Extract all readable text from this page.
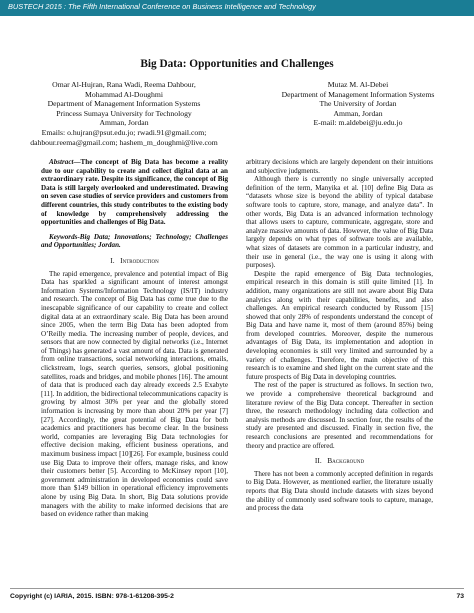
BUSTECH 2015 : The Fifth International Conference on Business Intelligence and Technology
Big Data: Opportunities and Challenges
Omar Al-Hujran, Rana Wadi, Reema Dahbour,
Mohammad Al-Doughmi
Department of Management Information Systems
Princess Sumaya University for Technology
Amman, Jordan
Emails: o.hujran@psut.edu.jo; rwadi.91@gmail.com;
dahbour.reema@gmail.com; hashem_m_doughmi@live.com
Mutaz M. Al-Debei
Department of Management Information Systems
The University of Jordan
Amman, Jordan
E-mail: m.aldebei@ju.edu.jo

Abstract—The concept of Big Data has become a reality due to our capability to create and collect digital data at an extraordinary rate. Despite its significance, the concept of Big Data is still largely overlooked and underestimated. Drawing on seven case studies of service providers and customers from different countries, this study contributes to the existing body of knowledge by comprehensively addressing the opportunities and challenges of Big Data.

Keywords-Big Data; Innovations; Technology; Challenges and Opportunities; Jordan.

I. Introduction

The rapid emergence, prevalence and potential impact of Big Data has sparkled a significant amount of interest amongst Information Systems/Information Technology (IS/IT) industry and research. The concept of Big Data has come true due to the inescapable significance of our capability to create and collect digital data at an extraordinary scale. Big Data has been around since 2005, when the term Big Data has been adopted from O’Reilly media. The increasing number of people, devices, and sensors that are now connected by digital networks (i.e., Internet of Things) has generated a vast amount of data. Data is generated from online transactions, social networking interactions, emails, clickstream, logs, search queries, sensors, global positioning satellites, roads and bridges, and mobile phones [16]. The amount of data that is produced each day already exceeds 2.5 Exabyte [11]. In addition, the bidirectional telecommunications capacity is growing by almost 30% per year and the globally stored information is increasing by more than about 20% per year [7][27]. Accordingly, the great potential of Big Data for both academics and practitioners has become clear. In the business world, companies are leveraging Big Data technologies for effective decision making, efficient business operations, and maximum business impact [10][26]. For example, business could use Big Data to improve their offers, manage risks, and know their customers better [5]. According to McKinsey report [10], government administration in developed economies could save more than $149 billion in operational efficiency improvements alone by using Big Data. In short, Big Data solutions provide managers with the ability to make informed decisions that are based on evidence rather than making

arbitrary decisions which are largely dependent on their intuitions and subjective judgments.

Although there is currently no single universally accepted definition of the term, Manyika et al. [10] define Big Data as “datasets whose size is beyond the ability of typical database software tools to capture, store, manage, and analyze data”. In other words, Big Data is an advanced information technology that allows users to capture, communicate, aggregate, store and analyze massive amounts of data. However, the value of Big Data largely depends on what types of software tools are available, what sizes of datasets are common in a particular industry, and their use in general (i.e., the way one is using it along with purposes).

Despite the rapid emergence of Big Data technologies, empirical research in this domain is still quite limited [1]. In addition, many organizations are still not aware about Big Data analytics along with their capabilities, benefits, and also challenges. An empirical research conducted by Russom [15] showed that only 28% of respondents understand the concept of Big Data and have name it, most of them (around 85%) being from developed countries. Moreover, despite the numerous advantages of Big Data, its implementation and adoption in developing economies is still very limited and surrounded by a variety of challenges. Therefore, the main objective of this research is to examine and shed light on the current state and the future prospects of Big Data in developing countries.

The rest of the paper is structured as follows. In section two, we provide a comprehensive theoretical background and literature review of the Big Data concept. Thereafter in section three, the research methodology including data collection and analysis methods are discussed. In section four, the results of the study are presented and discussed. Finally in section five, the research conclusions are presented and recommendations for theory and practice are offered.

II. Background

There has not been a commonly accepted definition in regards to Big Data. However, as mentioned earlier, the literature usually reports that Big Data should include datasets with sizes beyond the ability of commonly used software tools to capture, manage, and process the data

Copyright (c) IARIA, 2015. ISBN: 978-1-61208-395-2	73
